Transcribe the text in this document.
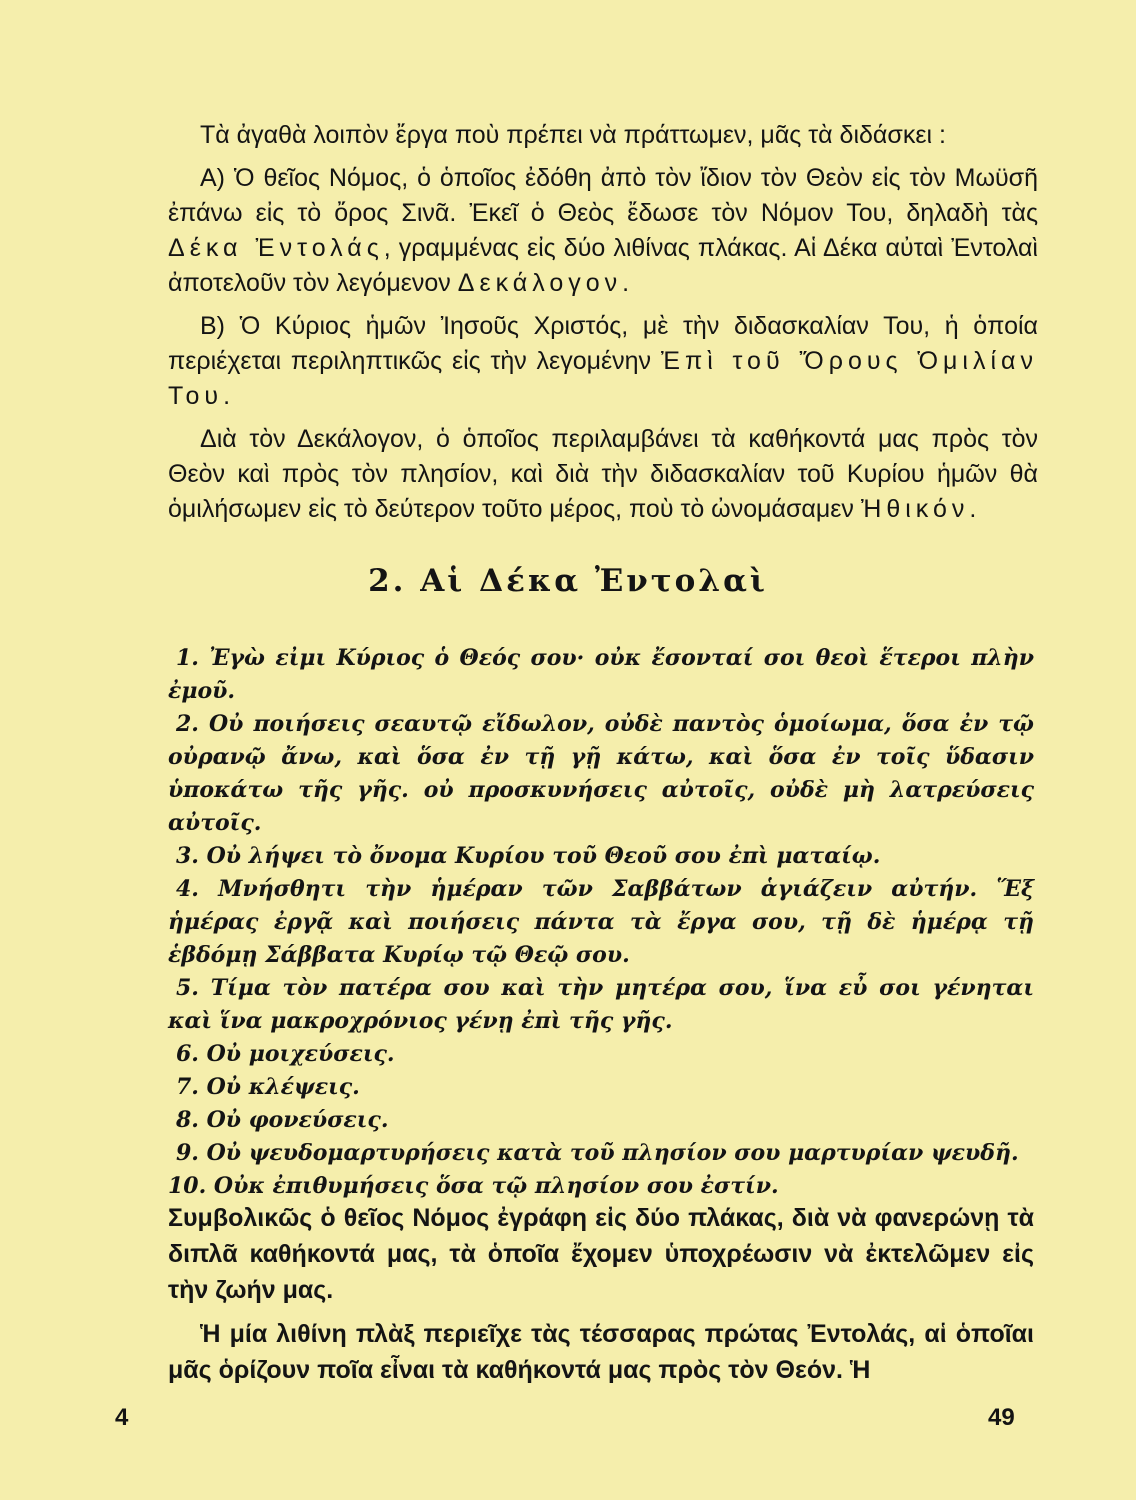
Τὰ ἀγαθὰ λοιπὸν ἔργα ποὺ πρέπει νὰ πράττωμεν, μᾶς τὰ διδάσκει :

Α) Ὁ θεῖος Νόμος, ὁ ὁποῖος ἐδόθη ἀπὸ τὸν ἴδιον τὸν Θεὸν εἰς τὸν Μωϋσῆ ἐπάνω εἰς τὸ ὄρος Σινᾶ. Ἐκεῖ ὁ Θεὸς ἔδωσε τὸν Νόμον Του, δηλαδὴ τὰς Δέκα Ἐντολάς, γραμμένας εἰς δύο λιθίνας πλάκας. Αἱ Δέκα αὐταὶ Ἐντολαὶ ἀποτελοῦν τὸν λεγόμενον Δεκάλογον.

Β) Ὁ Κύριος ἡμῶν Ἰησοῦς Χριστός, μὲ τὴν διδασκαλίαν Του, ἡ ὁποία περιέχεται περιληπτικῶς εἰς τὴν λεγομένην Ἐπὶ τοῦ Ὄρους Ὁμιλίαν Του.

Διὰ τὸν Δεκάλογον, ὁ ὁποῖος περιλαμβάνει τὰ καθήκοντά μας πρὸς τὸν Θεὸν καὶ πρὸς τὸν πλησίον, καὶ διὰ τὴν διδασκαλίαν τοῦ Κυρίου ἡμῶν θὰ ὁμιλήσωμεν εἰς τὸ δεύτερον τοῦτο μέρος, ποὺ τὸ ὠνομάσαμεν Ἠθικόν.

2. Αἱ Δέκα Ἐντολαὶ

1. Ἐγὼ εἰμι Κύριος ὁ Θεός σου· οὐκ ἔσονταί σοι θεοὶ ἕτεροι πλὴν ἐμοῦ.

2. Οὐ ποιήσεις σεαυτῷ εἴδωλον, οὐδὲ παντὸς ὁμοίωμα, ὅσα ἐν τῷ οὐρανῷ ἄνω, καὶ ὅσα ἐν τῇ γῇ κάτω, καὶ ὅσα ἐν τοῖς ὕδασιν ὑποκάτω τῆς γῆς. οὐ προσκυνήσεις αὐτοῖς, οὐδὲ μὴ λατρεύσεις αὐτοῖς.

3. Οὐ λήψει τὸ ὄνομα Κυρίου τοῦ Θεοῦ σου ἐπὶ ματαίῳ.

4. Μνήσθητι τὴν ἡμέραν τῶν Σαββάτων ἁγιάζειν αὐτήν. Ἕξ ἡμέρας ἐργᾷ καὶ ποιήσεις πάντα τὰ ἔργα σου, τῇ δὲ ἡμέρᾳ τῇ ἑβδόμῃ Σάββατα Κυρίῳ τῷ Θεῷ σου.

5. Τίμα τὸν πατέρα σου καὶ τὴν μητέρα σου, ἵνα εὖ σοι γένηται καὶ ἵνα μακροχρόνιος γένῃ ἐπὶ τῆς γῆς.

6. Οὐ μοιχεύσεις.

7. Οὐ κλέψεις.

8. Οὐ φονεύσεις.

9. Οὐ ψευδομαρτυρήσεις κατὰ τοῦ πλησίον σου μαρτυρίαν ψευδῆ.

10. Οὐκ ἐπιθυμήσεις ὅσα τῷ πλησίον σου ἐστίν.

Συμβολικῶς ὁ θεῖος Νόμος ἐγράφη εἰς δύο πλάκας, διὰ νὰ φανερώνῃ τὰ διπλᾶ καθήκοντά μας, τὰ ὁποῖα ἔχομεν ὑποχρέωσιν νὰ ἐκτελῶμεν εἰς τὴν ζωήν μας.

Ἡ μία λιθίνη πλὰξ περιεῖχε τὰς τέσσαρας πρώτας Ἐντολάς, αἱ ὁποῖαι μᾶς ὁρίζουν ποῖα εἶναι τὰ καθήκοντά μας πρὸς τὸν Θεόν. Ἡ

4	49
